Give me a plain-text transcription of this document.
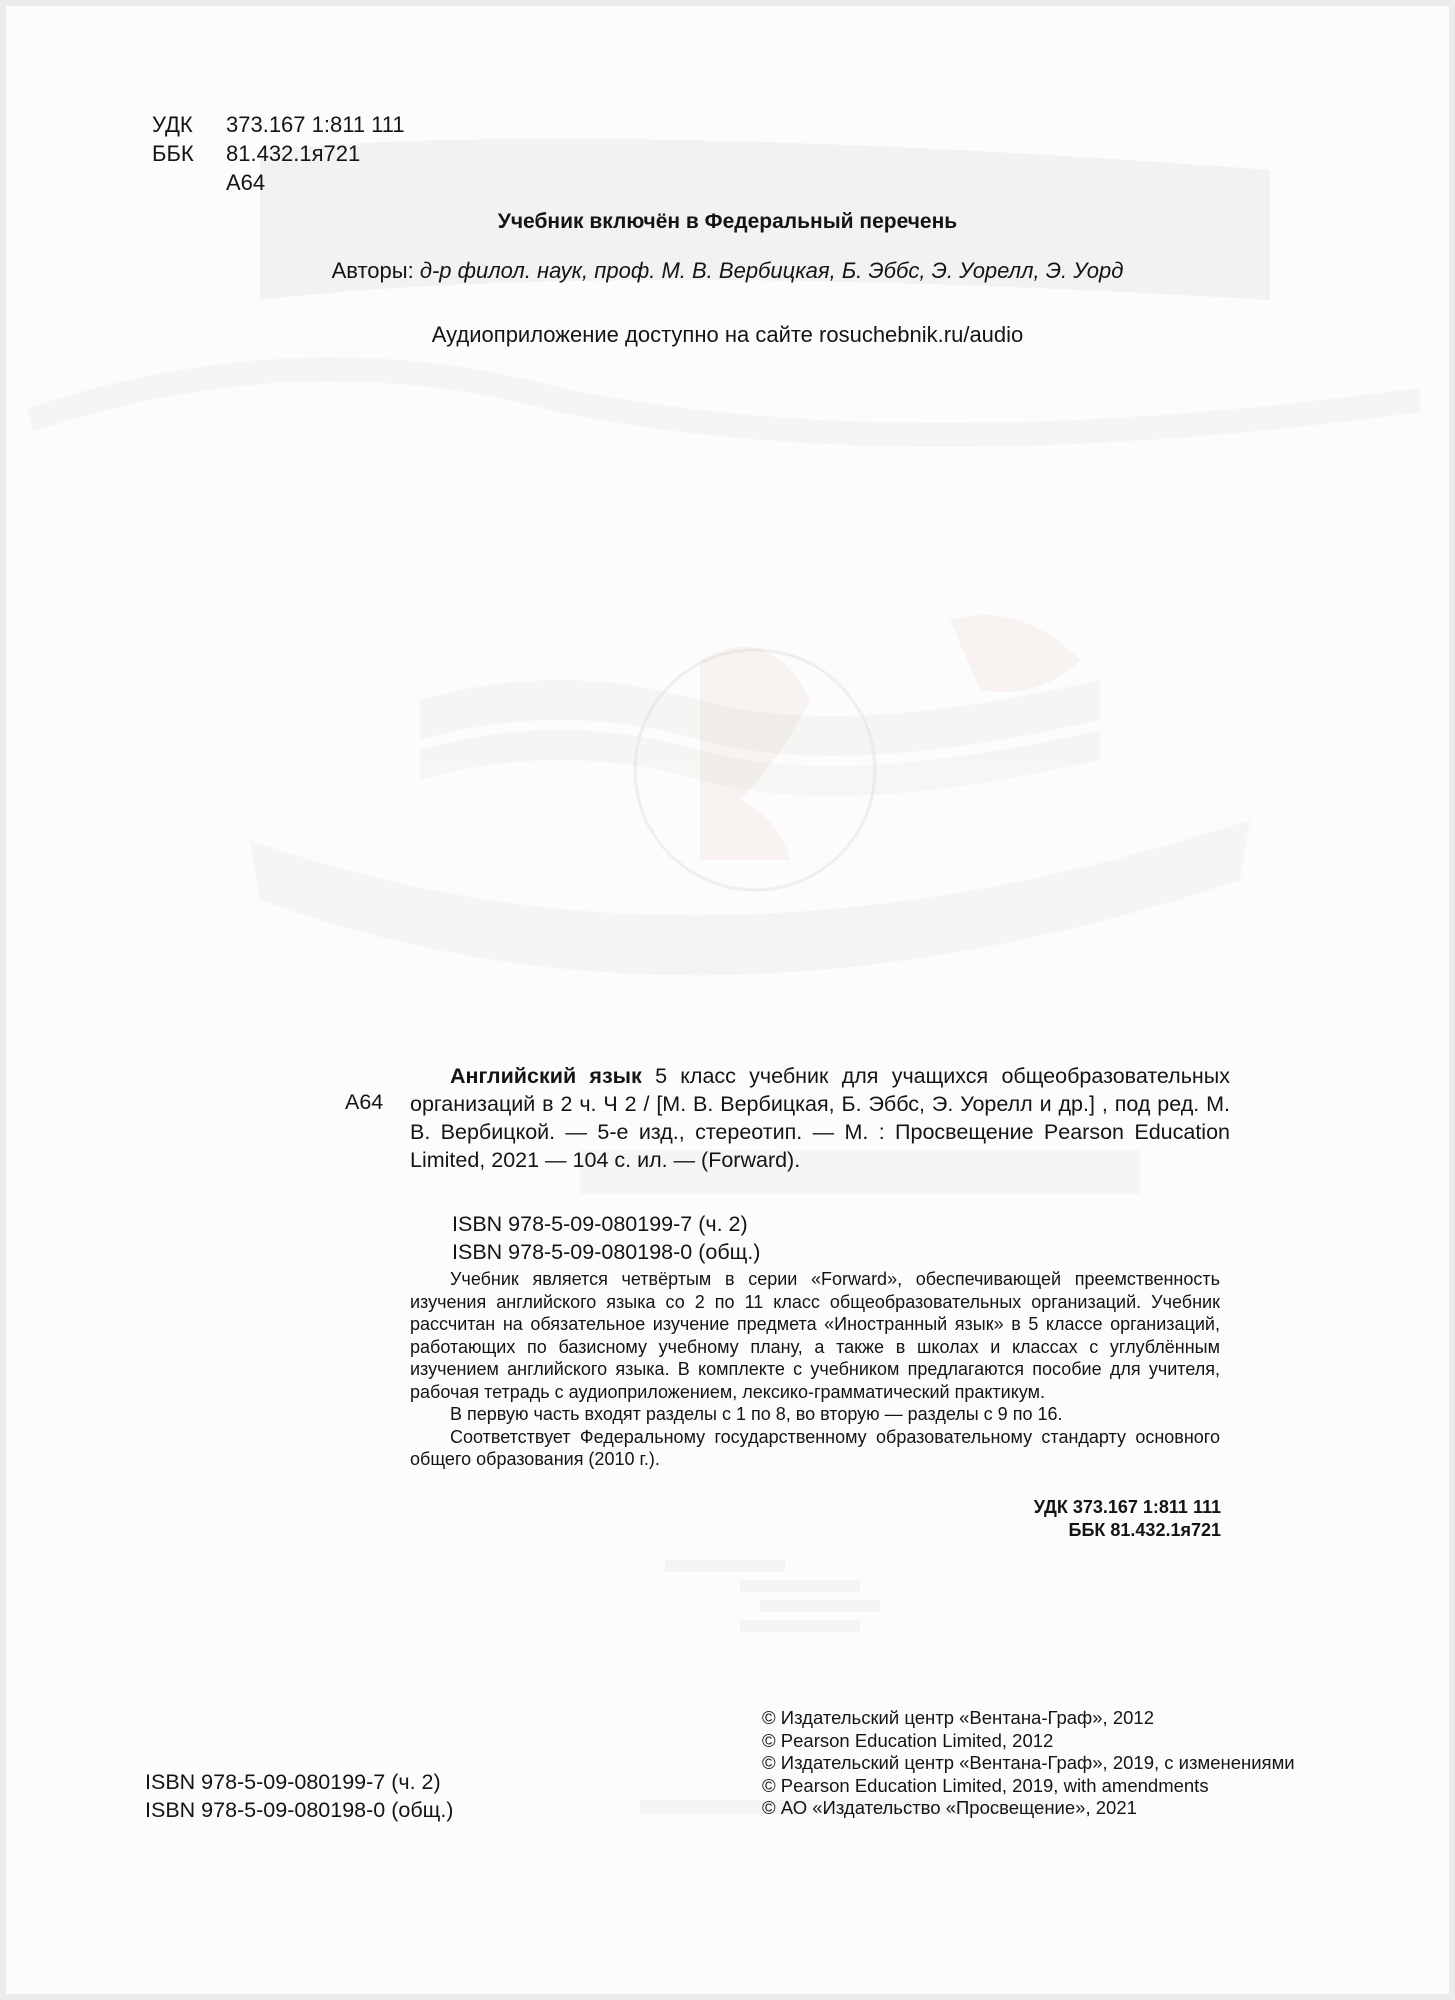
УДК	373.167 1:811 111
ББК	81.432.1я721
А64
Учебник включён в Федеральный перечень
Авторы: д-р филол. наук, проф. М. В. Вербицкая, Б. Эббс, Э. Уорелл, Э. Уорд
Аудиоприложение доступно на сайте rosuchebnik.ru/audio
А64

Английский язык 5 класс учебник для учащихся общеобразовательных организаций в 2 ч. Ч 2 / [М. В. Вербицкая, Б. Эббс, Э. Уорелл и др.] , под ред. М. В. Вербицкой. — 5-е изд., стереотип. — М. : Просвещение Pearson Education Limited, 2021 — 104 с. ил. — (Forward).

ISBN 978-5-09-080199-7 (ч. 2)
ISBN 978-5-09-080198-0 (общ.)

Учебник является четвёртым в серии «Forward», обеспечивающей преемственность изучения английского языка со 2 по 11 класс общеобразовательных организаций. Учебник рассчитан на обязательное изучение предмета «Иностранный язык» в 5 классе организаций, работающих по базисному учебному плану, а также в школах и классах с углублённым изучением английского языка. В комплекте с учебником предлагаются пособие для учителя, рабочая тетрадь с аудиоприложением, лексико-грамматический практикум.

В первую часть входят разделы с 1 по 8, во вторую — разделы с 9 по 16.

Соответствует Федеральному государственному образовательному стандарту основного общего образования (2010 г.).

УДК 373.167 1:811 111
ББК 81.432.1я721
© Издательский центр «Вентана-Граф», 2012
© Pearson Education Limited, 2012
© Издательский центр «Вентана-Граф», 2019, с изменениями
© Pearson Education Limited, 2019, with amendments
© АО «Издательство «Просвещение», 2021
ISBN 978-5-09-080199-7 (ч. 2)
ISBN 978-5-09-080198-0 (общ.)
